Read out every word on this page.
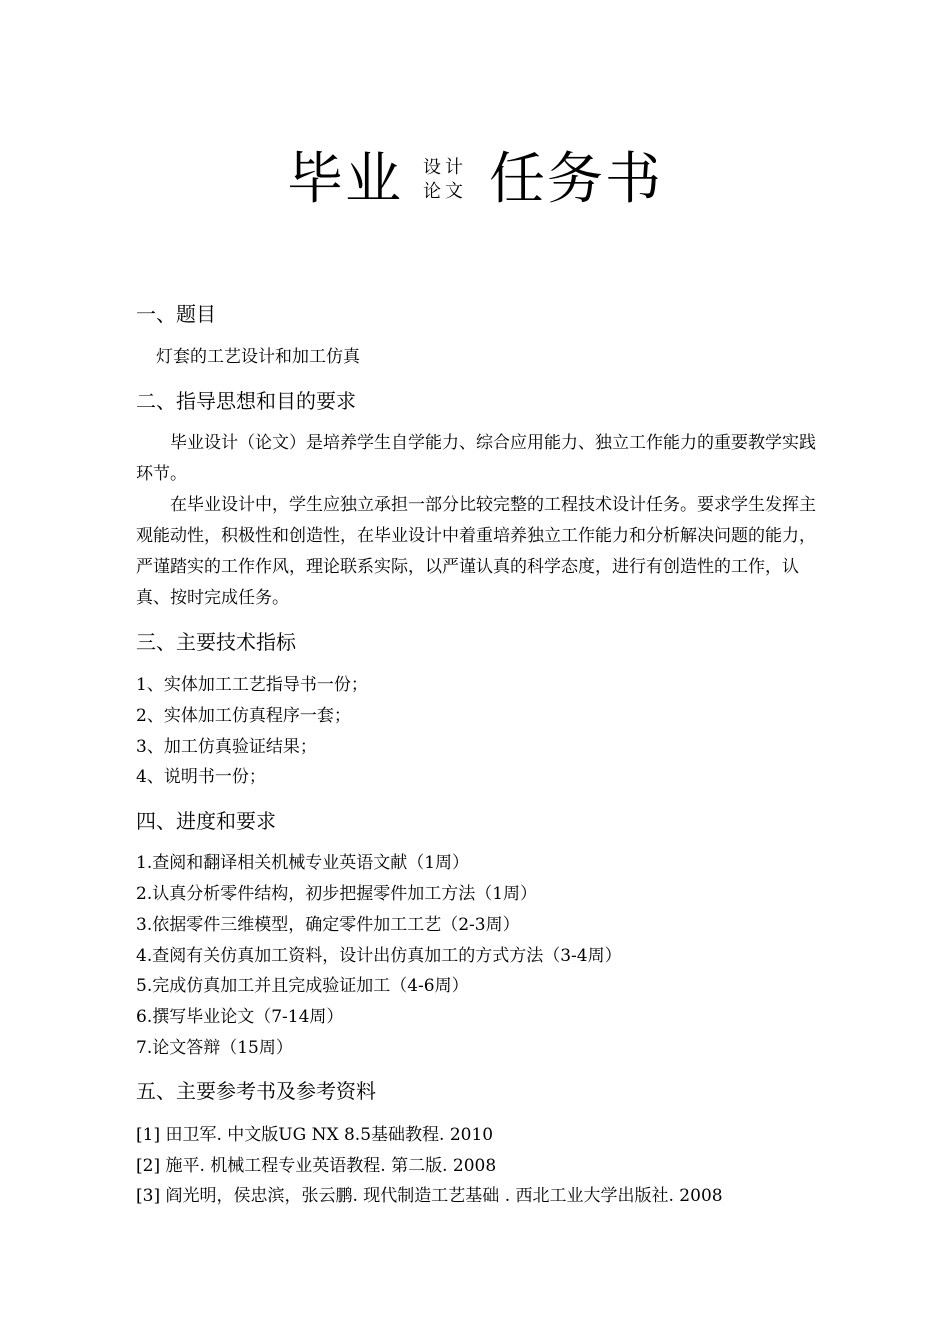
毕业 设计
论文 任务书
一、题目
灯套的工艺设计和加工仿真
二、指导思想和目的要求
毕业设计（论文）是培养学生自学能力、综合应用能力、独立工作能力的重要教学实践环节。
在毕业设计中，学生应独立承担一部分比较完整的工程技术设计任务。要求学生发挥主观能动性，积极性和创造性，在毕业设计中着重培养独立工作能力和分析解决问题的能力，严谨踏实的工作作风，理论联系实际，以严谨认真的科学态度，进行有创造性的工作，认真、按时完成任务。
三、主要技术指标
1、实体加工工艺指导书一份；
2、实体加工仿真程序一套；
3、加工仿真验证结果；
4、说明书一份；
四、进度和要求
1.查阅和翻译相关机械专业英语文献（1周）
2.认真分析零件结构，初步把握零件加工方法（1周）
3.依据零件三维模型，确定零件加工工艺（2-3周）
4.查阅有关仿真加工资料，设计出仿真加工的方式方法（3-4周）
5.完成仿真加工并且完成验证加工（4-6周）
6.撰写毕业论文（7-14周）
7.论文答辩（15周）
五、主要参考书及参考资料
[1] 田卫军. 中文版UG NX 8.5基础教程. 2010
[2] 施平. 机械工程专业英语教程. 第二版. 2008
[3] 阎光明，侯忠滨，张云鹏. 现代制造工艺基础 . 西北工业大学出版社. 2008
